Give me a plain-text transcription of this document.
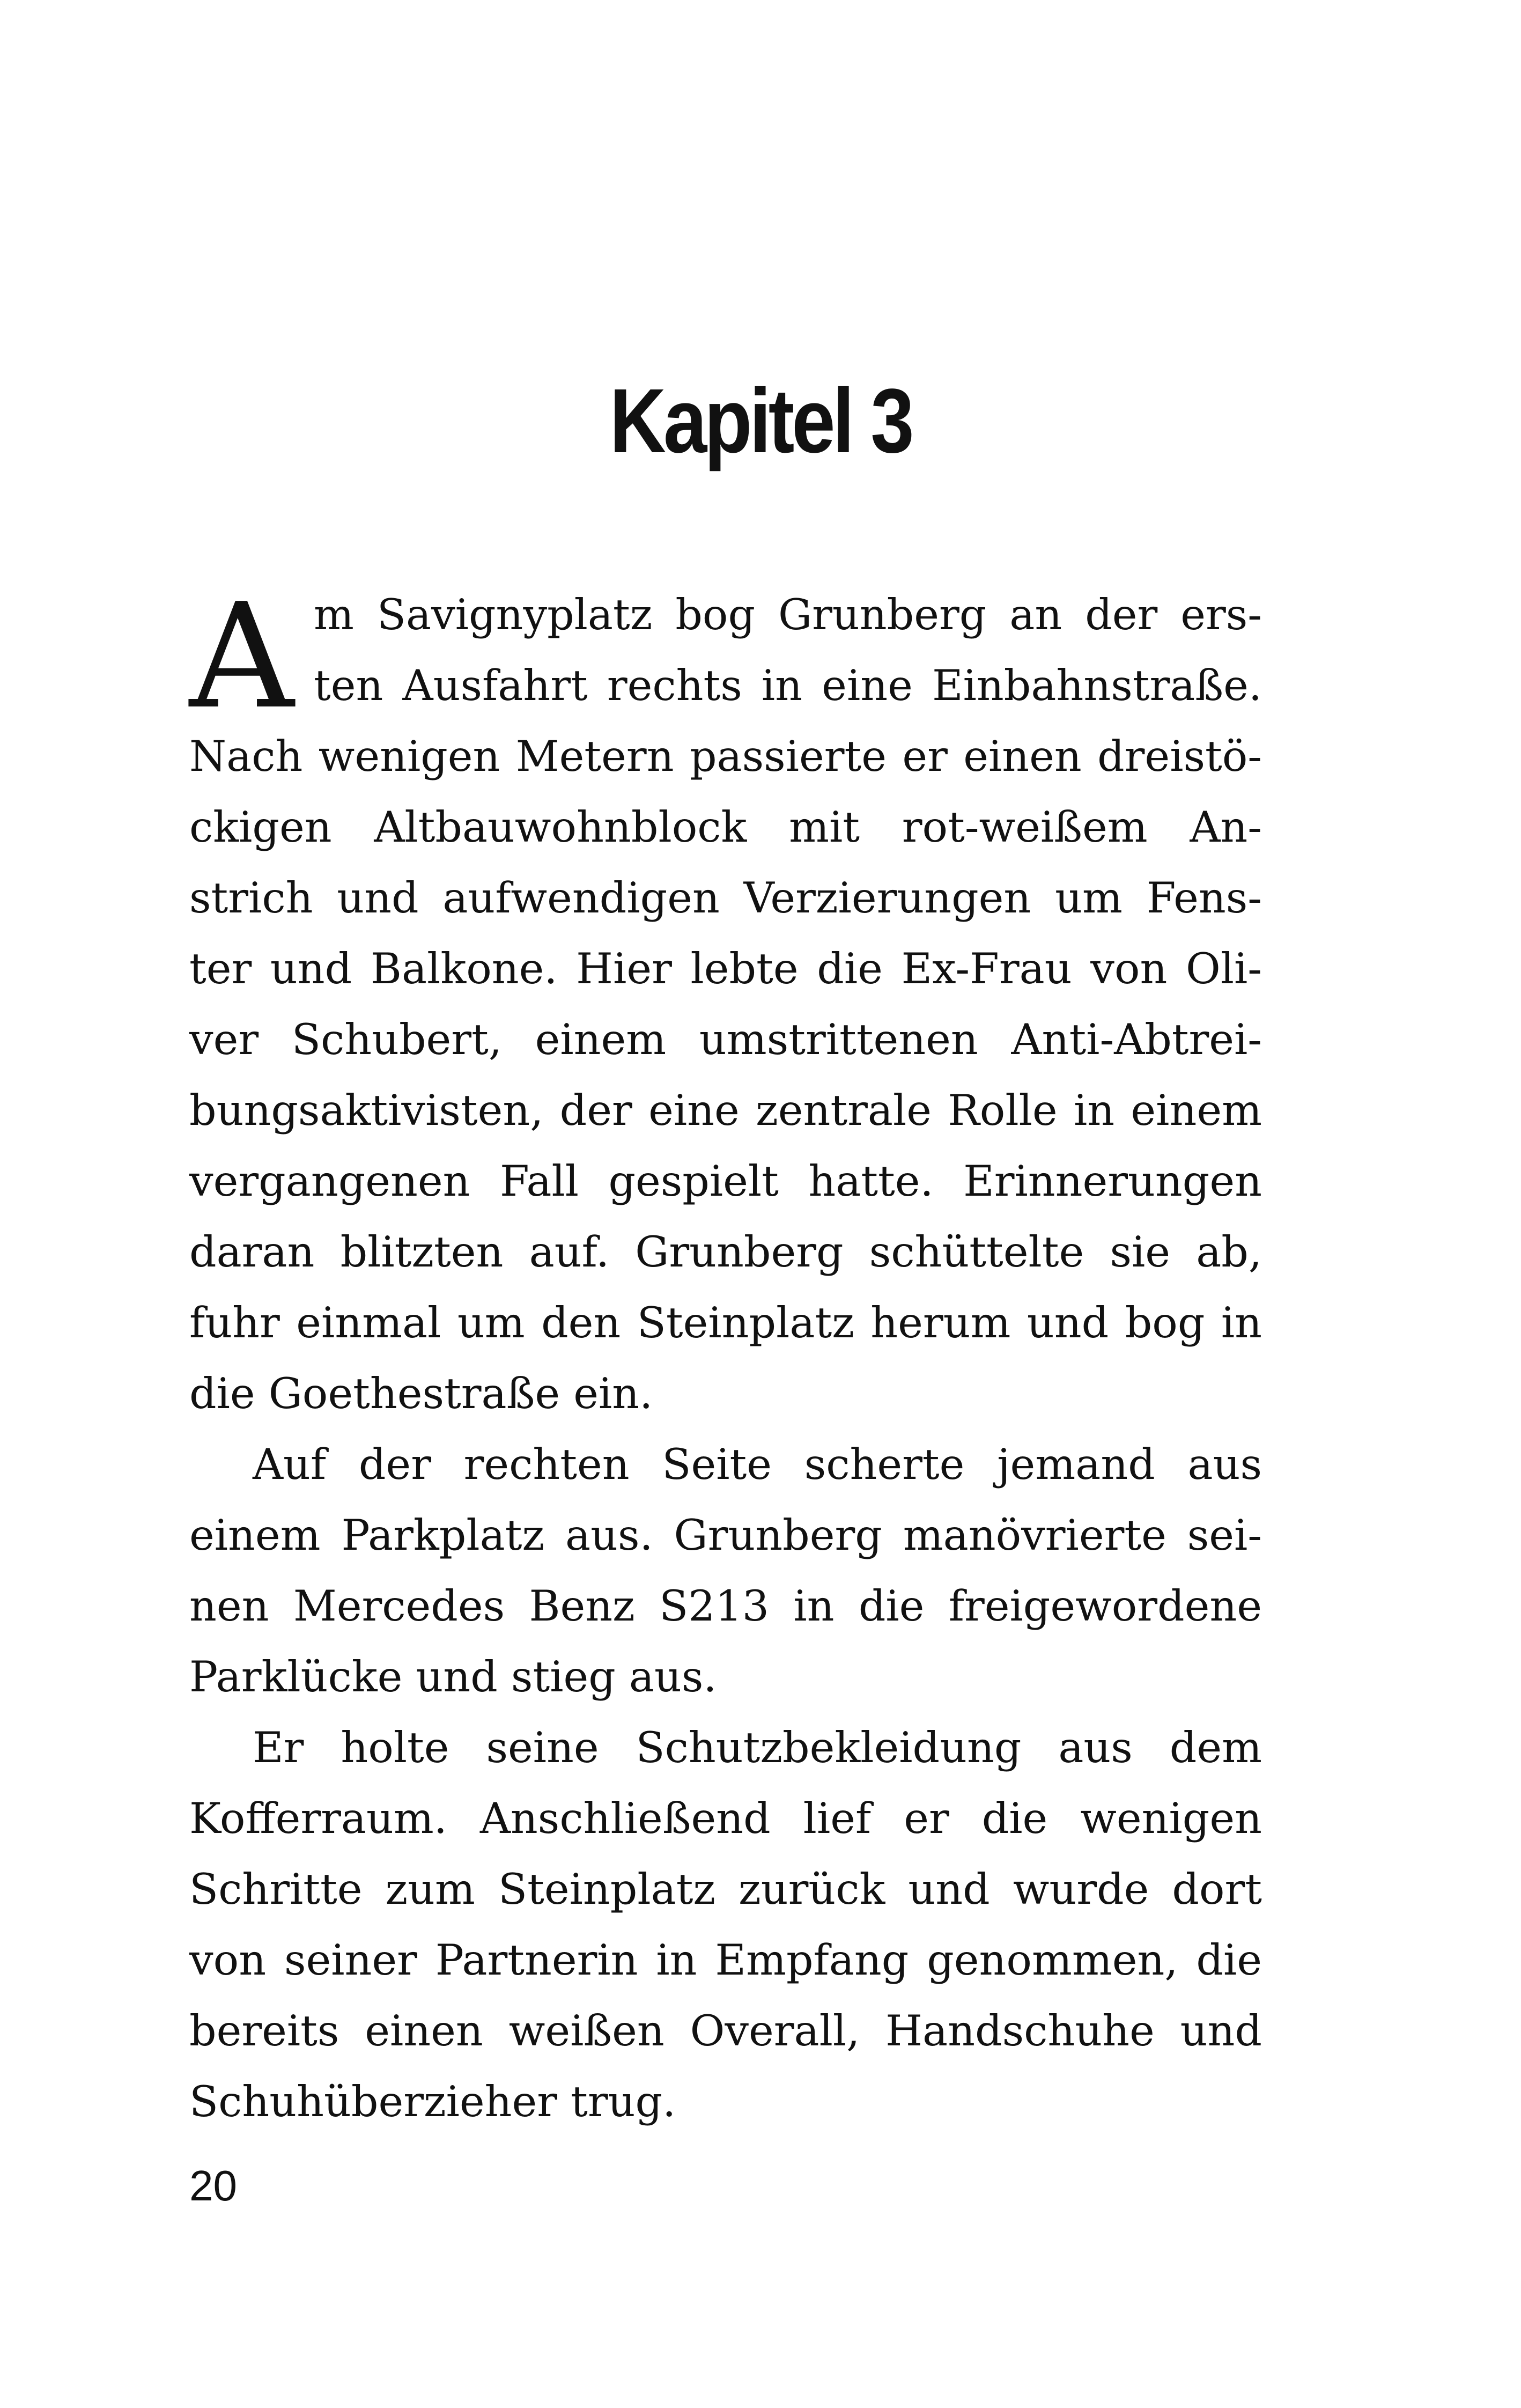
Kapitel 3
A m Savignyplatz bog Grunberg an der ers-
ten Ausfahrt rechts in eine Einbahnstraße.
Nach wenigen Metern passierte er einen dreistö-
ckigen Altbauwohnblock mit rot-weißem An-
strich und aufwendigen Verzierungen um Fens-
ter und Balkone. Hier lebte die Ex-Frau von Oli-
ver Schubert, einem umstrittenen Anti-Abtrei-
bungsaktivisten, der eine zentrale Rolle in einem
vergangenen Fall gespielt hatte. Erinnerungen
daran blitzten auf. Grunberg schüttelte sie ab,
fuhr einmal um den Steinplatz herum und bog in
die Goethestraße ein.
Auf der rechten Seite scherte jemand aus
einem Parkplatz aus. Grunberg manövrierte sei-
nen Mercedes Benz S213 in die freigewordene
Parklücke und stieg aus.
Er holte seine Schutzbekleidung aus dem
Kofferraum. Anschließend lief er die wenigen
Schritte zum Steinplatz zurück und wurde dort
von seiner Partnerin in Empfang genommen, die
bereits einen weißen Overall, Handschuhe und
Schuhüberzieher trug.
20
